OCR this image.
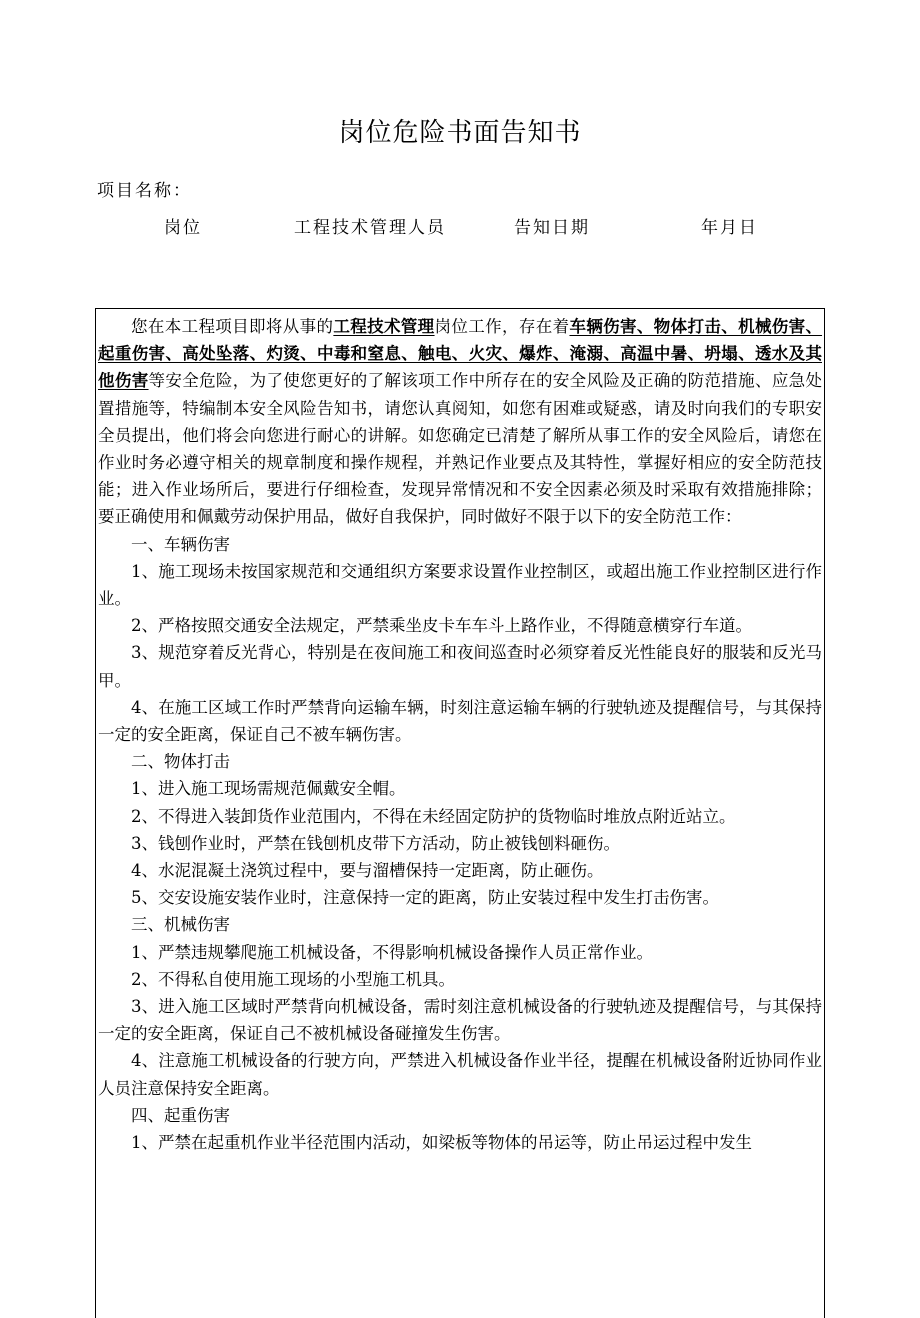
岗位危险书面告知书
项目名称：
岗位	工程技术管理人员	告知日期	年月日

您在本工程项目即将从事的工程技术管理岗位工作，存在着车辆伤害、物体打击、机械伤害、起重伤害、高处坠落、灼烫、中毒和窒息、触电、火灾、爆炸、淹溺、高温中暑、坍塌、透水及其他伤害等安全危险，为了使您更好的了解该项工作中所存在的安全风险及正确的防范措施、应急处置措施等，特编制本安全风险告知书，请您认真阅知，如您有困难或疑惑，请及时向我们的专职安全员提出，他们将会向您进行耐心的讲解。如您确定已清楚了解所从事工作的安全风险后，请您在作业时务必遵守相关的规章制度和操作规程，并熟记作业要点及其特性，掌握好相应的安全防范技能；进入作业场所后，要进行仔细检查，发现异常情况和不安全因素必须及时采取有效措施排除；要正确使用和佩戴劳动保护用品，做好自我保护，同时做好不限于以下的安全防范工作：

一、车辆伤害

1、施工现场未按国家规范和交通组织方案要求设置作业控制区，或超出施工作业控制区进行作业。

2、严格按照交通安全法规定，严禁乘坐皮卡车车斗上路作业，不得随意横穿行车道。

3、规范穿着反光背心，特别是在夜间施工和夜间巡查时必须穿着反光性能良好的服装和反光马甲。

4、在施工区域工作时严禁背向运输车辆，时刻注意运输车辆的行驶轨迹及提醒信号，与其保持一定的安全距离，保证自己不被车辆伤害。

二、物体打击

1、进入施工现场需规范佩戴安全帽。

2、不得进入装卸货作业范围内，不得在未经固定防护的货物临时堆放点附近站立。

3、钱刨作业时，严禁在钱刨机皮带下方活动，防止被钱刨料砸伤。

4、水泥混凝土浇筑过程中，要与溜槽保持一定距离，防止砸伤。

5、交安设施安装作业时，注意保持一定的距离，防止安装过程中发生打击伤害。

三、机械伤害

1、严禁违规攀爬施工机械设备，不得影响机械设备操作人员正常作业。

2、不得私自使用施工现场的小型施工机具。

3、进入施工区域时严禁背向机械设备，需时刻注意机械设备的行驶轨迹及提醒信号，与其保持一定的安全距离，保证自己不被机械设备碰撞发生伤害。

4、注意施工机械设备的行驶方向，严禁进入机械设备作业半径，提醒在机械设备附近协同作业人员注意保持安全距离。

四、起重伤害

1、严禁在起重机作业半径范围内活动，如梁板等物体的吊运等，防止吊运过程中发生
